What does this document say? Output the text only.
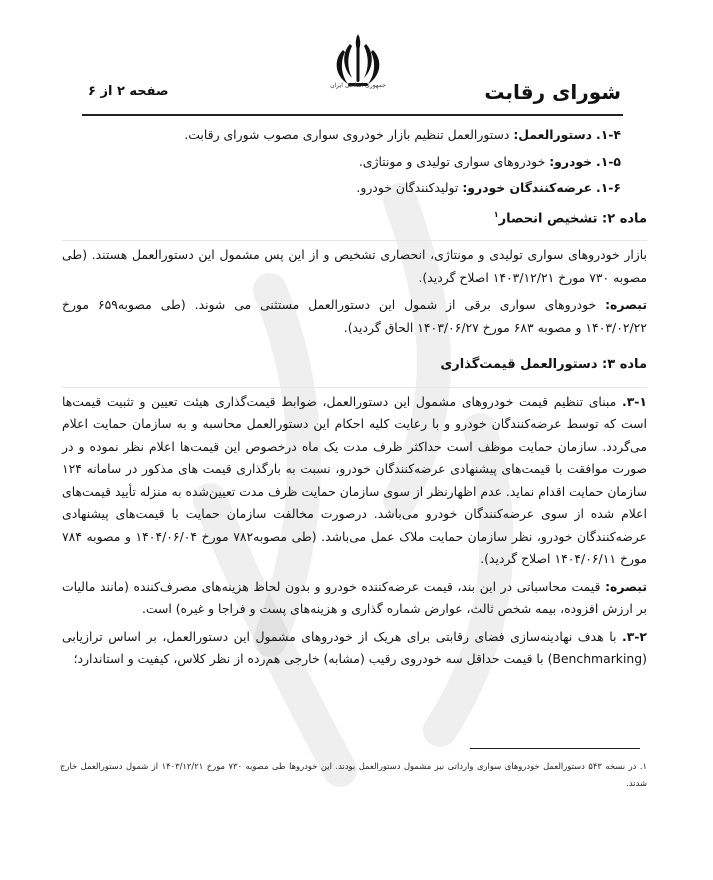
جمهوری اسلامی ایران	شورای رقابت
صفحه ۲ از ۶
۱-۴. دستورالعمل: دستورالعمل تنظیم بازار خودروی سواری مصوب شورای رقابت.
۱-۵. خودرو: خودروهای سواری تولیدی و مونتاژی.
۱-۶. عرضه‌کنندگان خودرو: تولیدکنندگان خودرو.
ماده ۲: تشخیص انحصار$^۱$
بازار خودروهای سواری تولیدی و مونتاژی، انحصاری تشخیص و از این پس مشمول این دستورالعمل هستند. (طی مصوبه ۷۳۰ مورخ ۱۴۰۳/۱۲/۲۱ اصلاح گردید).
تبصره: خودروهای سواری برقی از شمول این دستورالعمل مستثنی می شوند. (طی مصوبه۶۵۹ مورخ ۱۴۰۳/۰۲/۲۲ و مصوبه ۶۸۳ مورخ ۱۴۰۳/۰۶/۲۷ الحاق گردید).
ماده ۳: دستورالعمل قیمت‌گذاری
۳-۱. مبنای تنظیم قیمت خودروهای مشمول این دستورالعمل، ضوابط قیمت‌گذاری هیئت تعیین و تثبیت قیمت‌ها است که توسط عرضه‌کنندگان خودرو و با رعایت کلیه احکام این دستورالعمل محاسبه و به سازمان حمایت اعلام می‌گردد. سازمان حمایت موظف است حداکثر ظرف مدت یک ماه درخصوص این قیمت‌ها اعلام نظر نموده و در صورت موافقت با قیمت‌های پیشنهادی عرضه‌کنندگان خودرو، نسبت به بارگذاری قیمت های مذکور در سامانه ۱۲۴ سازمان حمایت اقدام نماید. عدم اظهارنظر از سوی سازمان حمایت ظرف مدت تعیین‌شده به منزله تأیید قیمت‌های اعلام شده از سوی عرضه‌کنندگان خودرو می‌باشد. درصورت مخالفت سازمان حمایت با قیمت‌های پیشنهادی عرضه‌کنندگان خودرو، نظر سازمان حمایت ملاک عمل می‌باشد. (طی مصوبه۷۸۲ مورخ ۱۴۰۴/۰۶/۰۴ و مصوبه ۷۸۴ مورخ ۱۴۰۴/۰۶/۱۱ اصلاح گردید).
تبصره: قیمت محاسباتی در این بند، قیمت عرضه‌کننده خودرو و بدون لحاظ هزینه‌های مصرف‌کننده (مانند مالیات بر ارزش افزوده، بیمه شخص ثالث، عوارض شماره گذاری و هزینه‌های پست و فراجا و غیره) است.
۳-۲. با هدف نهادینه‌سازی فضای رقابتی برای هریک از خودروهای مشمول این دستورالعمل، بر اساس ترازیابی (Benchmarking) با قیمت حداقل سه خودروی رقیب (مشابه) خارجی هم‌رده از نظر کلاس، کیفیت و استاندارد؛
۱. در نسخه ۵۴۳ دستورالعمل خودروهای سواری وارداتی نیز مشمول دستورالعمل بودند. این خودروها طی مصوبه ۷۳۰ مورخ ۱۴۰۳/۱۲/۲۱ از شمول دستورالعمل خارج شدند.
